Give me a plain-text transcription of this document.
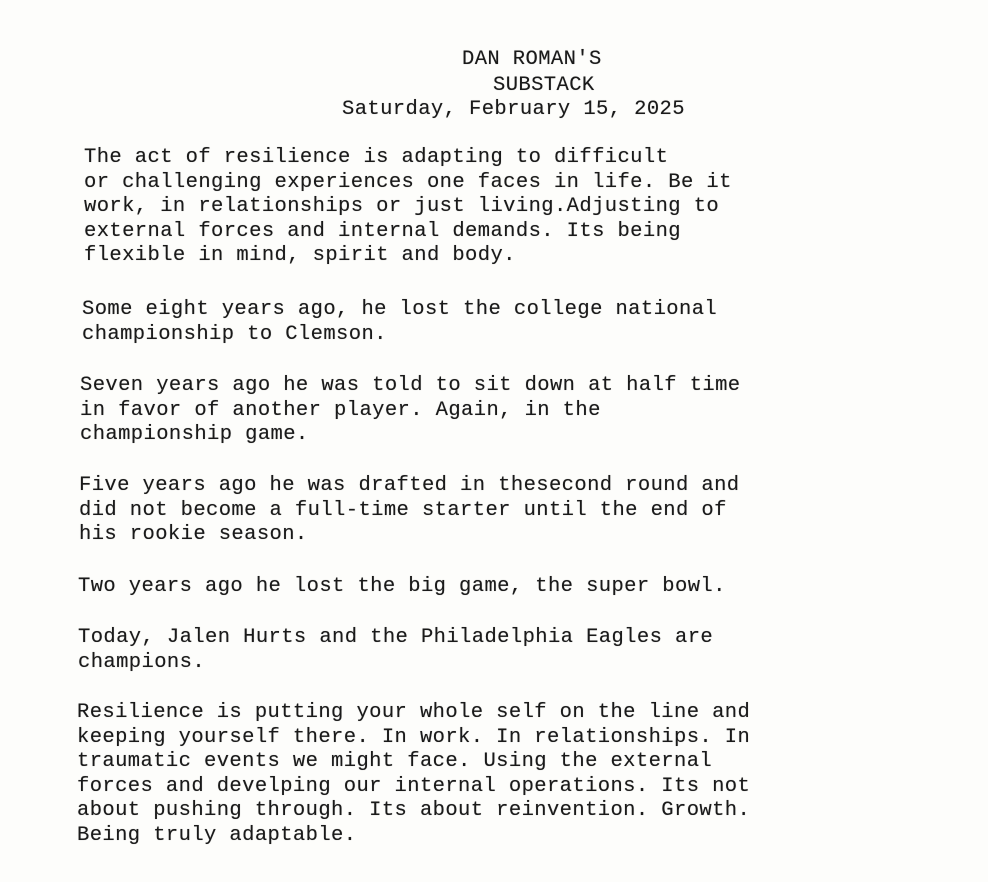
DAN ROMAN'S
SUBSTACK
Saturday, February 15, 2025
The act of resilience is adapting to difficult
or challenging experiences one faces in life. Be it
work, in relationships or just living.Adjusting to
external forces and internal demands. Its being
flexible in mind, spirit and body.
Some eight years ago, he lost the college national
championship to Clemson.
Seven years ago he was told to sit down at half time
in favor of another player. Again, in the
championship game.
Five years ago he was drafted in thesecond round and
did not become a full-time starter until the end of
his rookie season.
Two years ago he lost the big game, the super bowl.
Today, Jalen Hurts and the Philadelphia Eagles are
champions.
Resilience is putting your whole self on the line and
keeping yourself there. In work. In relationships. In
traumatic events we might face. Using the external
forces and develping our internal operations. Its not
about pushing through. Its about reinvention. Growth.
Being truly adaptable.
